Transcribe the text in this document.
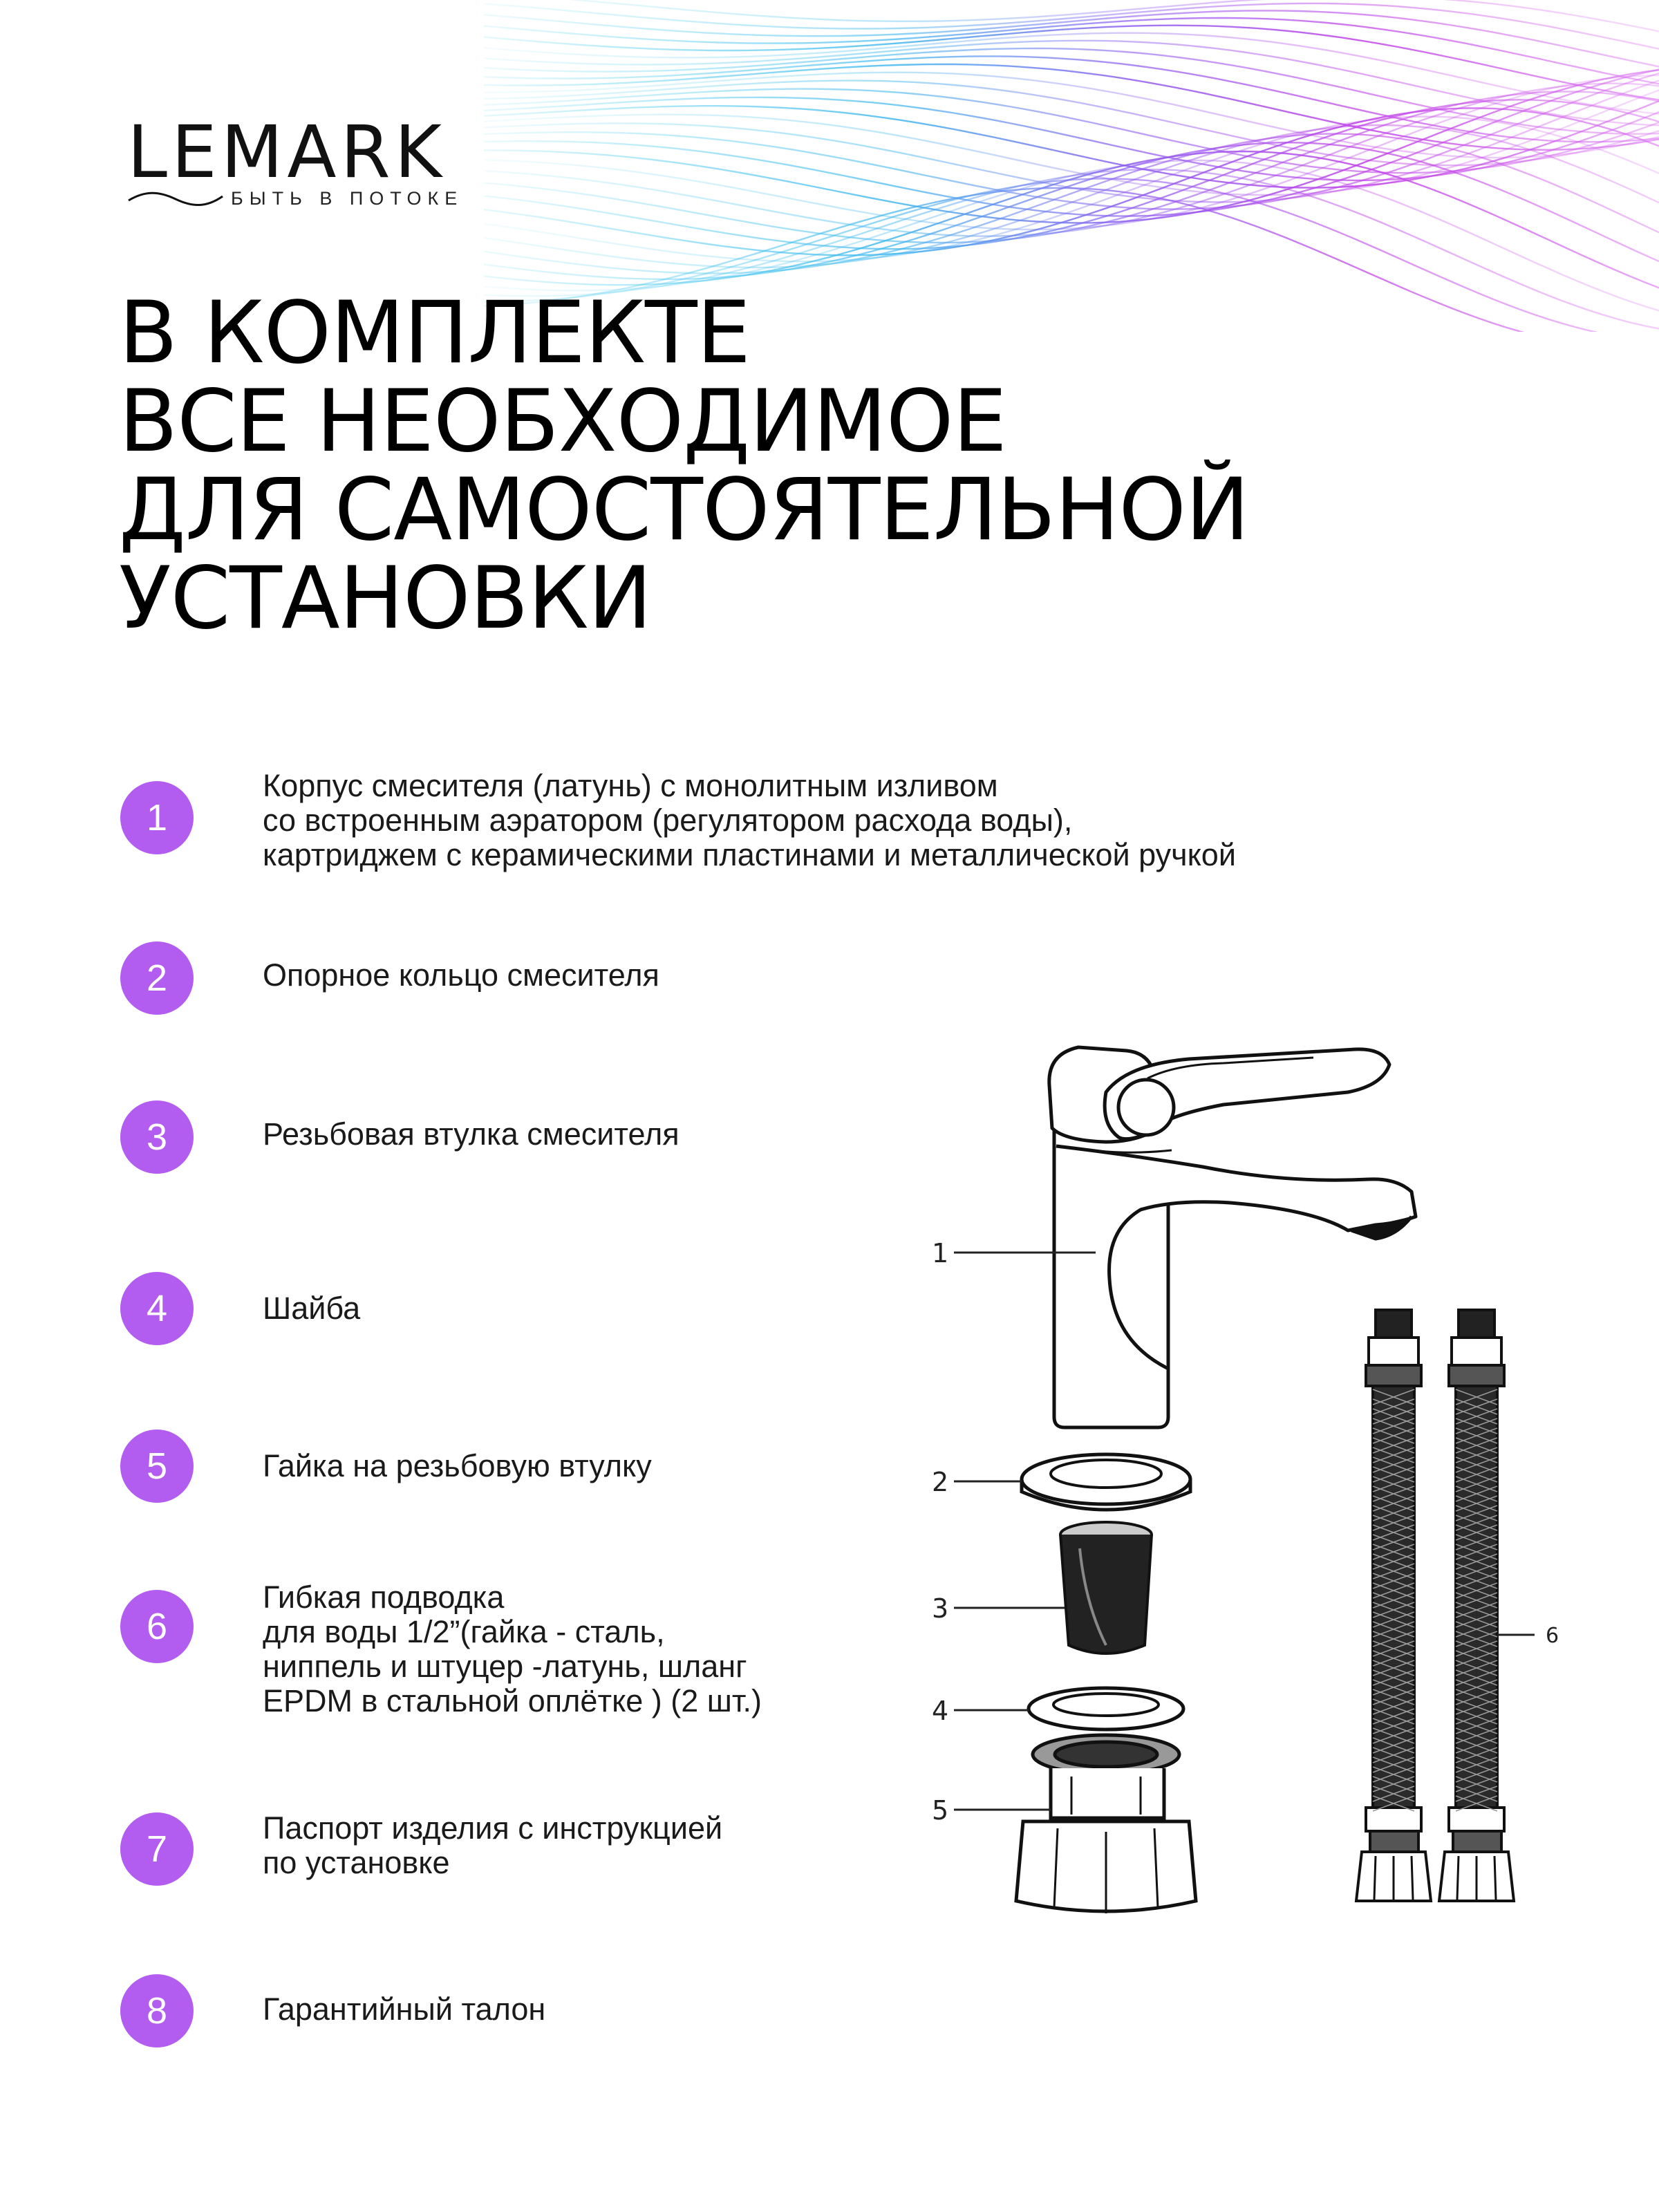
LEMARK
БЫТЬ В ПОТОКЕ
В КОМПЛЕКТЕ
ВСЕ НЕОБХОДИМОЕ
ДЛЯ САМОСТОЯТЕЛЬНОЙ
УСТАНОВКИ
1
Корпус смесителя (латунь) с монолитным изливом
со встроенным аэратором (регулятором расхода воды),
картриджем с керамическими пластинами и металлической ручкой
2	Опорное кольцо смесителя
3	Резьбовая втулка смесителя
4	Шайба
5	Гайка на резьбовую втулку
6
Гибкая подводка
для воды 1/2”(гайка - сталь,
ниппель и штуцер -латунь, шланг
EPDM в стальной оплётке ) (2 шт.)
7
Паспорт изделия с инструкцией
по установке
8	Гарантийный талон
1
2
3
4
5
6
